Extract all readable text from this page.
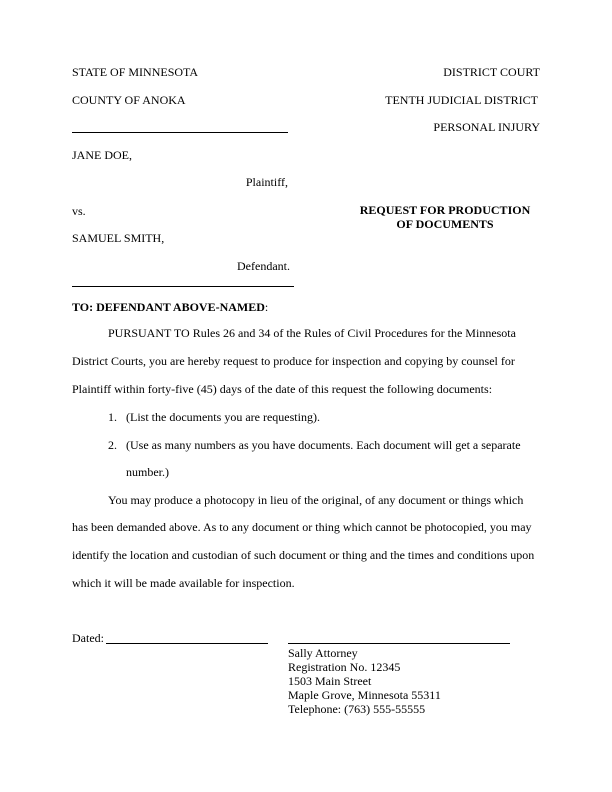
STATE OF MINNESOTA	DISTRICT COURT
COUNTY OF ANOKA	TENTH JUDICIAL DISTRICT
PERSONAL INJURY
JANE DOE,
Plaintiff,
vs.	REQUEST FOR PRODUCTION
OF DOCUMENTS
SAMUEL SMITH,
Defendant.
TO: DEFENDANT ABOVE-NAMED:
PURSUANT TO Rules 26 and 34 of the Rules of Civil Procedures for the Minnesota
District Courts, you are hereby request to produce for inspection and copying by counsel for
Plaintiff within forty-five (45) days of the date of this request the following documents:
1. (List the documents you are requesting).
2. (Use as many numbers as you have documents. Each document will get a separate
number.)
You may produce a photocopy in lieu of the original, of any document or things which
has been demanded above. As to any document or thing which cannot be photocopied, you may
identify the location and custodian of such document or thing and the times and conditions upon
which it will be made available for inspection.
Dated:
Sally Attorney
Registration No. 12345
1503 Main Street
Maple Grove, Minnesota 55311
Telephone: (763) 555-55555
